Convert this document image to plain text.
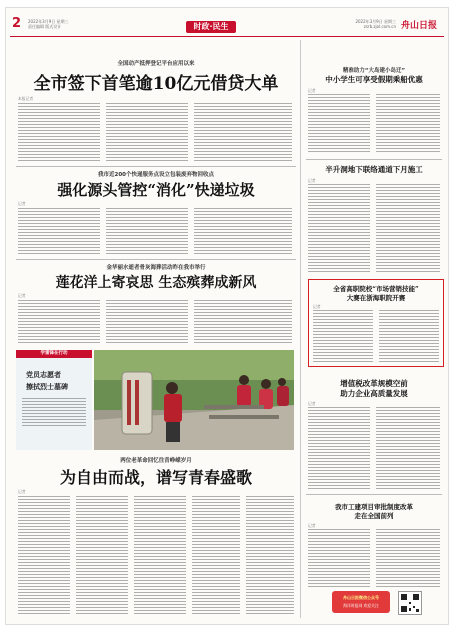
2 2022年3月9日 星期三
责任编辑 版式设计	时政·民生
2022年3月9日 星期三
zsrb.zjol.com.cn 舟山日报
全国动产抵押登记平台应用以来
全市签下首笔逾10亿元借贷大单
本报记者
我市近200个快递服务点设立包装废弃物回收点
强化源头管控“消化”快递垃圾
记者
金华丽水逝者骨灰海葬活动昨在我市举行
莲花洋上寄哀思 生态殡葬成新风
记者
学雷锋在行动
党员志愿者
擦拭烈士墓碑
两位老革命回忆往昔峥嵘岁月
为自由而战，谱写青春盛歌
记者
精准助力“大岛建小岛迁”
中小学生可享受假期乘船优惠
记者
半升洞地下联络通道下月施工
记者
全省高职院校“市场营销技能”
大赛在浙海职院开赛
记者
增值税改革规模空前
助力企业高质量发展
记者
我市工建项目审批制度改革
走在全国前列
记者
舟山日报微信公众号
海洋时报网 欢迎关注
